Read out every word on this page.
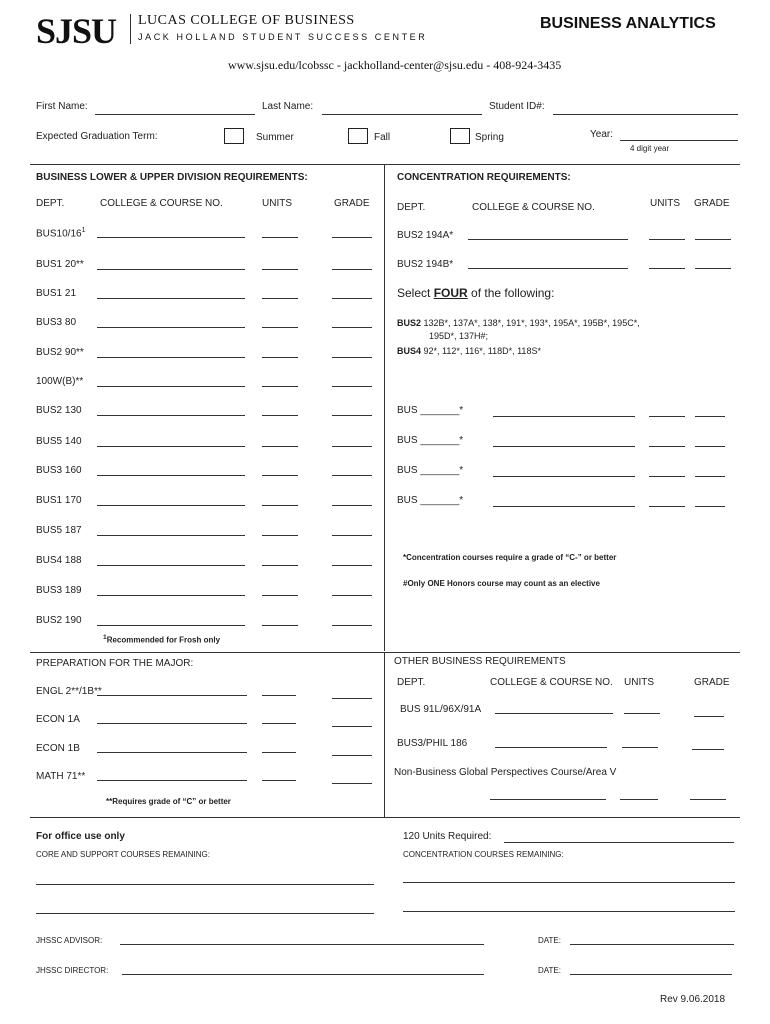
SJSU LUCAS COLLEGE OF BUSINESS
JACK HOLLAND STUDENT SUCCESS CENTER
BUSINESS ANALYTICS
www.sjsu.edu/lcobssc - jackholland-center@sjsu.edu - 408-924-3435
First Name:	Last Name:	Student ID#:
Expected Graduation Term:	Summer	Fall	Spring	Year:
4 digit year
BUSINESS LOWER & UPPER DIVISION REQUIREMENTS:
DEPT.	COLLEGE & COURSE NO.	UNITS	GRADE
$BUS10/16^1$
BUS1 20**
BUS1 21
BUS3 80
BUS2 90**
100W(B)**
BUS2 130
BUS5 140
BUS3 160
BUS1 170
BUS5 187
BUS4 188
BUS3 189
BUS2 190
$^1$Recommended for Frosh only
CONCENTRATION REQUIREMENTS:
DEPT.	COLLEGE & COURSE NO.	UNITS GRADE
BUS2 194A*
BUS2 194B*
Select FOUR of the following:
BUS2 132B*, 137A*, 138*, 191*, 193*, 195A*, 195B*, 195C*,
195D*, 137H#;
BUS4 92*, 112*, 116*, 118D*, 118S*
BUS _______*
BUS _______*
BUS _______*
BUS _______*
*Concentration courses require a grade of “C-” or better
#Only ONE Honors course may count as an elective
PREPARATION FOR THE MAJOR:
ENGL 2**/1B**
ECON 1A
ECON 1B
MATH 71**
**Requires grade of “C” or better
OTHER BUSINESS REQUIREMENTS
DEPT.	COLLEGE & COURSE NO. UNITS	GRADE
BUS 91L/96X/91A
BUS3/PHIL 186
Non-Business Global Perspectives Course/Area V
For office use only
CORE AND SUPPORT COURSES REMAINING:
120 Units Required:
CONCENTRATION COURSES REMAINING:
JHSSC ADVISOR:	DATE:
JHSSC DIRECTOR:	DATE:
Rev 9.06.2018
